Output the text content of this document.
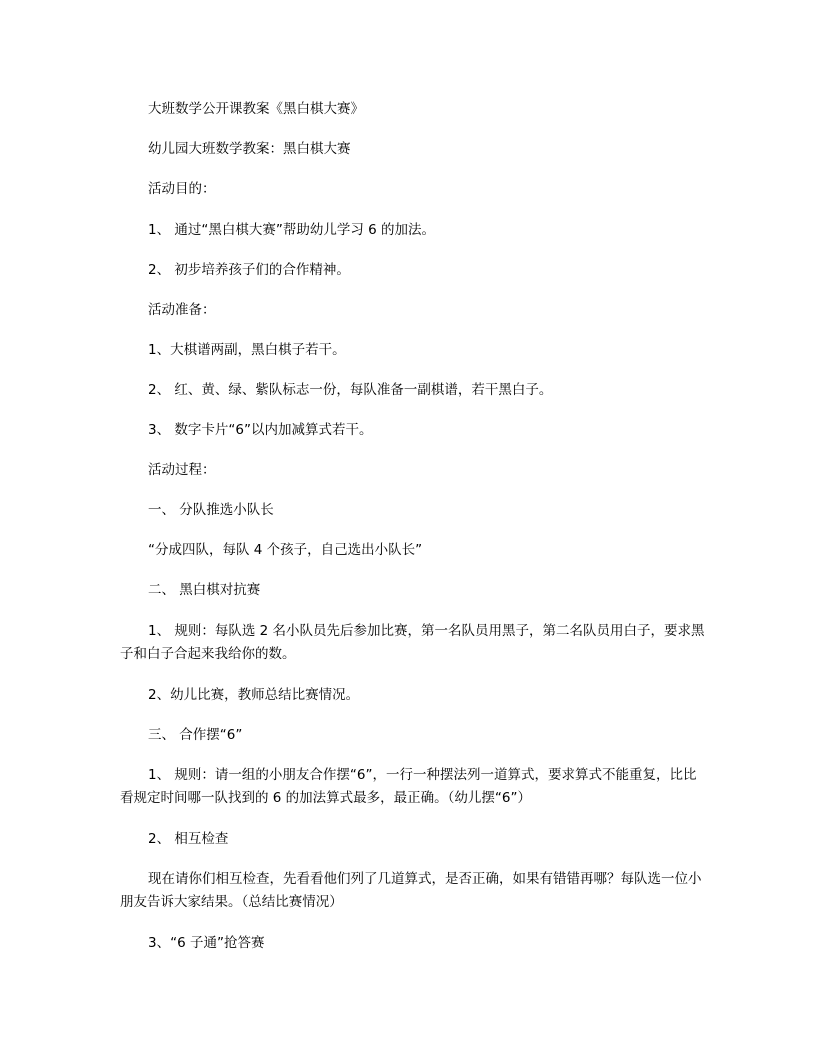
大班数学公开课教案《黑白棋大赛》

幼儿园大班数学教案：黑白棋大赛

活动目的：

1、 通过“黑白棋大赛”帮助幼儿学习 6 的加法。

2、 初步培养孩子们的合作精神。

活动准备：

1、大棋谱两副，黑白棋子若干。

2、 红、黄、绿、紫队标志一份，每队准备一副棋谱，若干黑白子。

3、 数字卡片“6”以内加减算式若干。

活动过程：

一、 分队推选小队长

“分成四队，每队 4 个孩子，自己选出小队长”

二、 黑白棋对抗赛

1、 规则：每队选 2 名小队员先后参加比赛，第一名队员用黑子，第二名队员用白子，要求黑子和白子合起来我给你的数。

2、幼儿比赛，教师总结比赛情况。

三、 合作摆“6”

1、 规则：请一组的小朋友合作摆“6”，一行一种摆法列一道算式，要求算式不能重复，比比看规定时间哪一队找到的 6 的加法算式最多，最正确。（幼儿摆“6”）

2、 相互检查

现在请你们相互检查，先看看他们列了几道算式，是否正确，如果有错错再哪？每队选一位小朋友告诉大家结果。（总结比赛情况）

3、“6 子通”抢答赛
